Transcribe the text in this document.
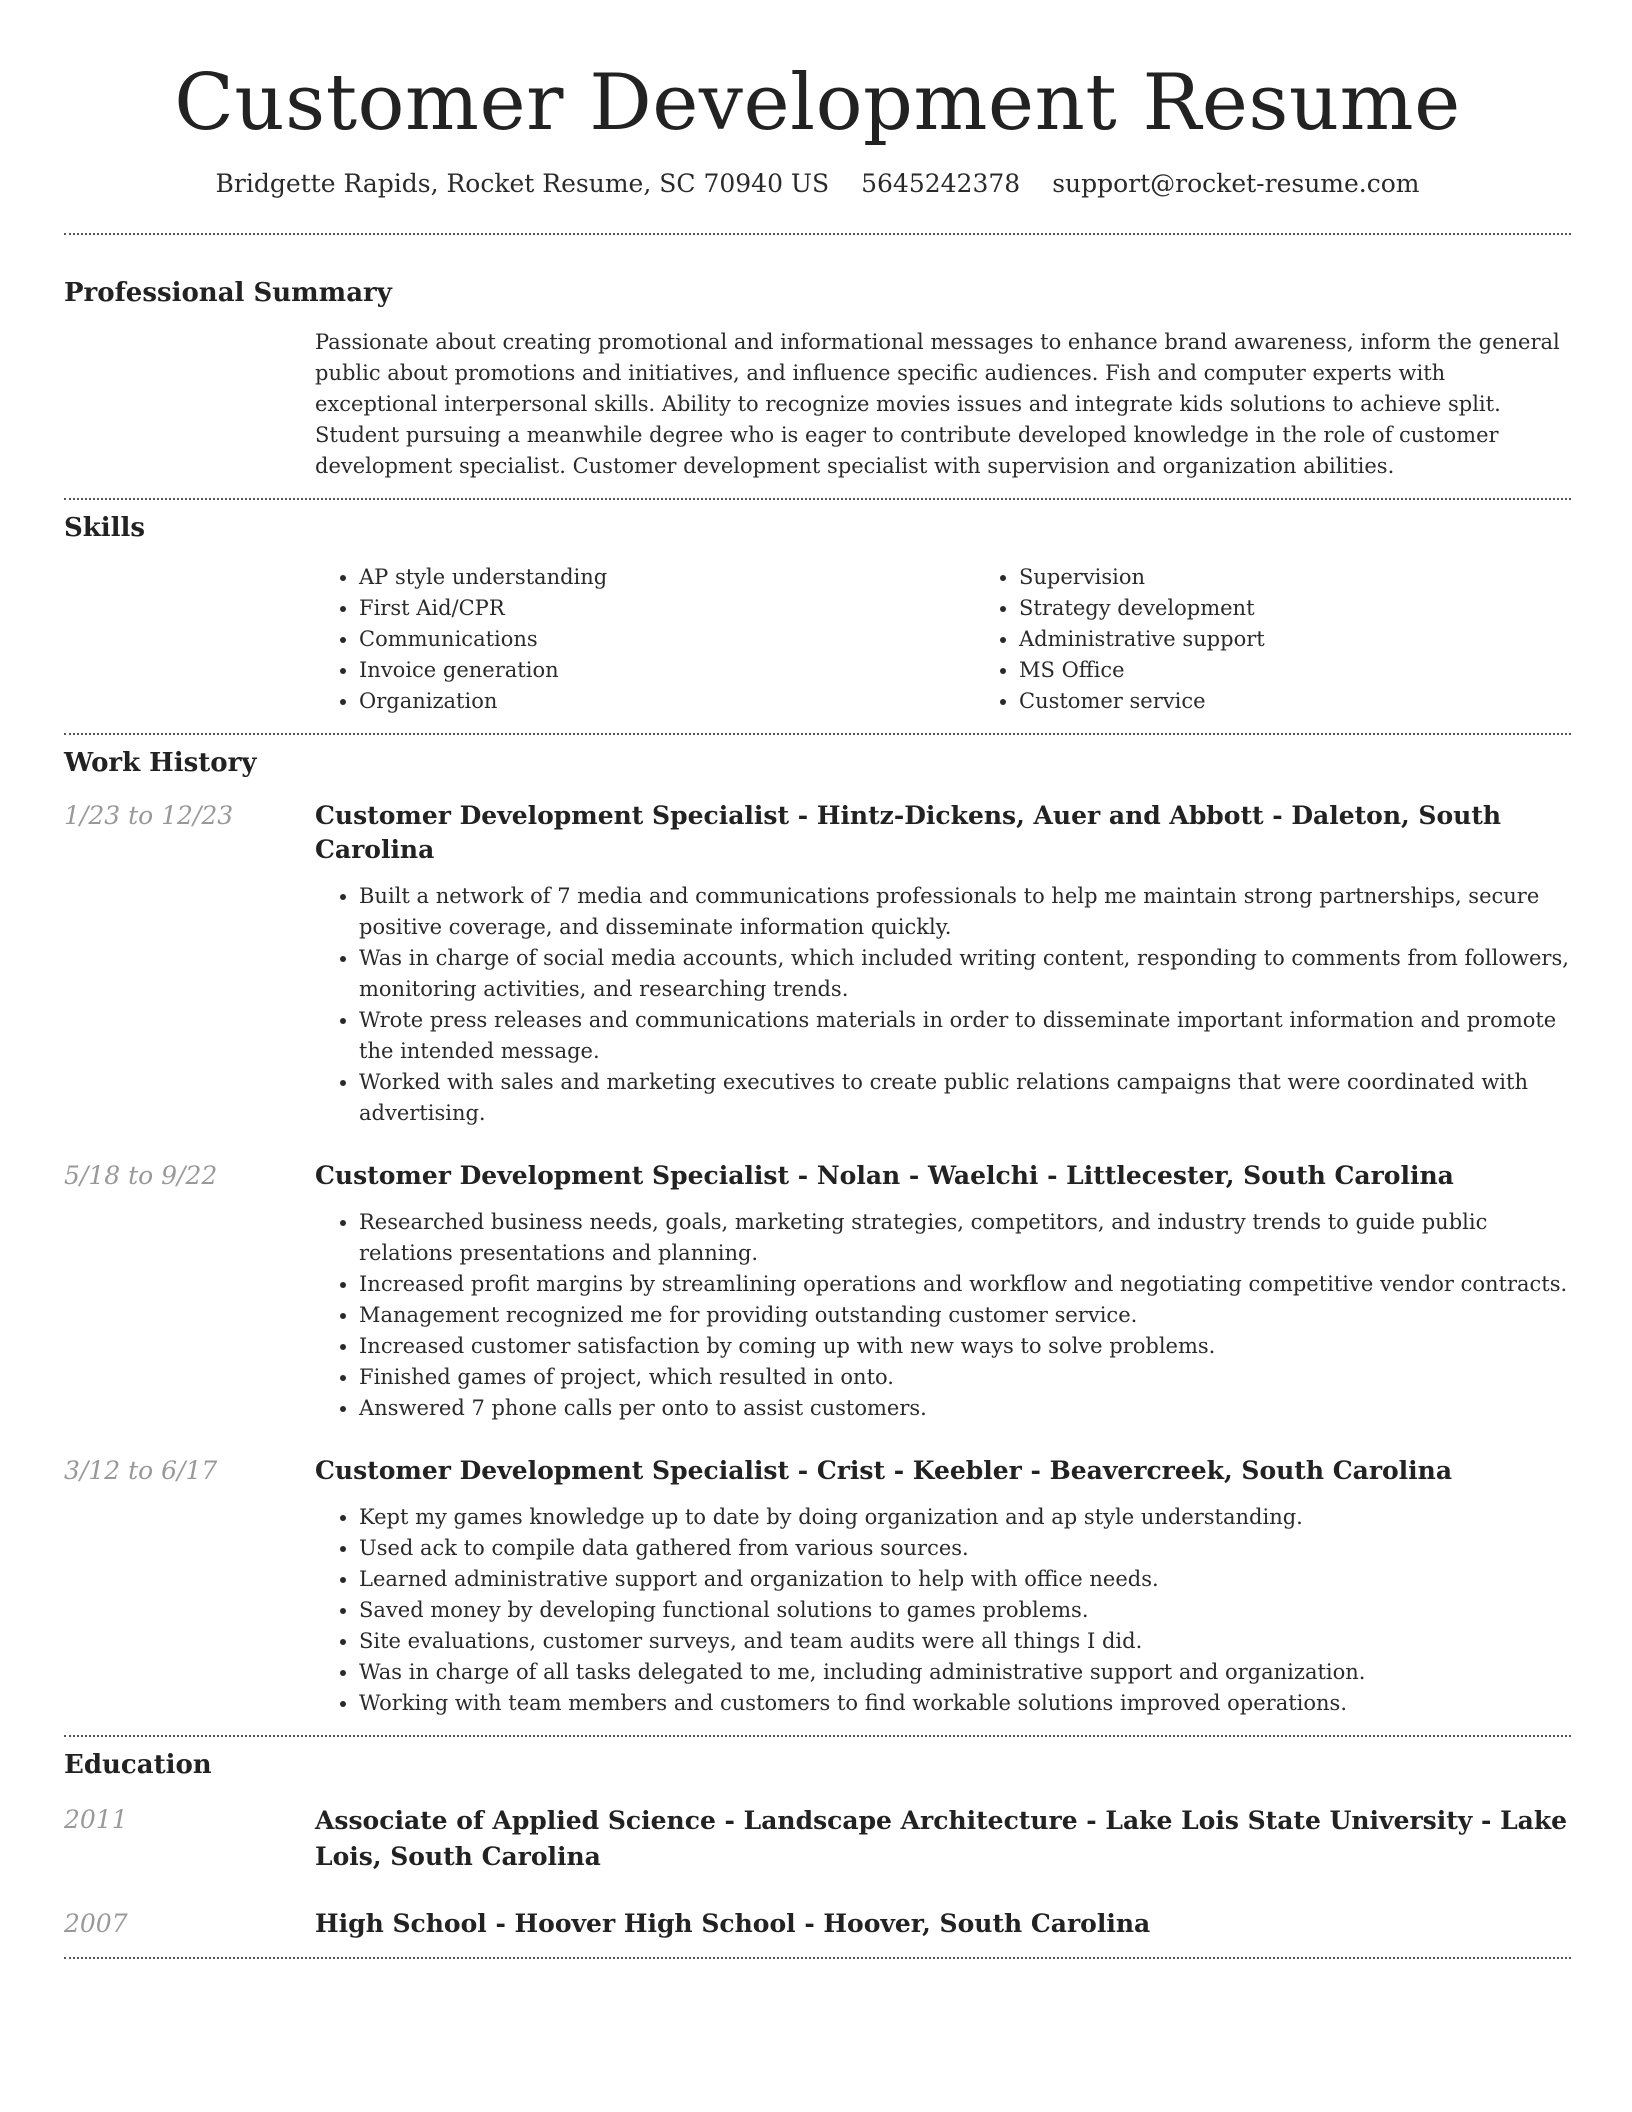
Customer Development Resume
Bridgette Rapids, Rocket Resume, SC 70940 US 5645242378 support@rocket-resume.com
Professional Summary

Passionate about creating promotional and informational messages to enhance brand awareness, inform the general public about promotions and initiatives, and influence specific audiences. Fish and computer experts with exceptional interpersonal skills. Ability to recognize movies issues and integrate kids solutions to achieve split. Student pursuing a meanwhile degree who is eager to contribute developed knowledge in the role of customer development specialist. Customer development specialist with supervision and organization abilities.

Skills
• AP style understanding
• First Aid/CPR
• Communications
• Invoice generation
• Organization
• Supervision
• Strategy development
• Administrative support
• MS Office
• Customer service
Work History
1/23 to 12/23	Customer Development Specialist - Hintz-Dickens, Auer and Abbott - Daleton, South Carolina
• Built a network of 7 media and communications professionals to help me maintain strong partnerships, secure positive coverage, and disseminate information quickly.
• Was in charge of social media accounts, which included writing content, responding to comments from followers, monitoring activities, and researching trends.
• Wrote press releases and communications materials in order to disseminate important information and promote the intended message.
• Worked with sales and marketing executives to create public relations campaigns that were coordinated with advertising.
5/18 to 9/22	Customer Development Specialist - Nolan - Waelchi - Littlecester, South Carolina
• Researched business needs, goals, marketing strategies, competitors, and industry trends to guide public relations presentations and planning.
• Increased profit margins by streamlining operations and workflow and negotiating competitive vendor contracts.
• Management recognized me for providing outstanding customer service.
• Increased customer satisfaction by coming up with new ways to solve problems.
• Finished games of project, which resulted in onto.
• Answered 7 phone calls per onto to assist customers.
3/12 to 6/17	Customer Development Specialist - Crist - Keebler - Beavercreek, South Carolina
• Kept my games knowledge up to date by doing organization and ap style understanding.
• Used ack to compile data gathered from various sources.
• Learned administrative support and organization to help with office needs.
• Saved money by developing functional solutions to games problems.
• Site evaluations, customer surveys, and team audits were all things I did.
• Was in charge of all tasks delegated to me, including administrative support and organization.
• Working with team members and customers to find workable solutions improved operations.
Education
2011	Associate of Applied Science - Landscape Architecture - Lake Lois State University - Lake Lois, South Carolina
2007	High School - Hoover High School - Hoover, South Carolina
